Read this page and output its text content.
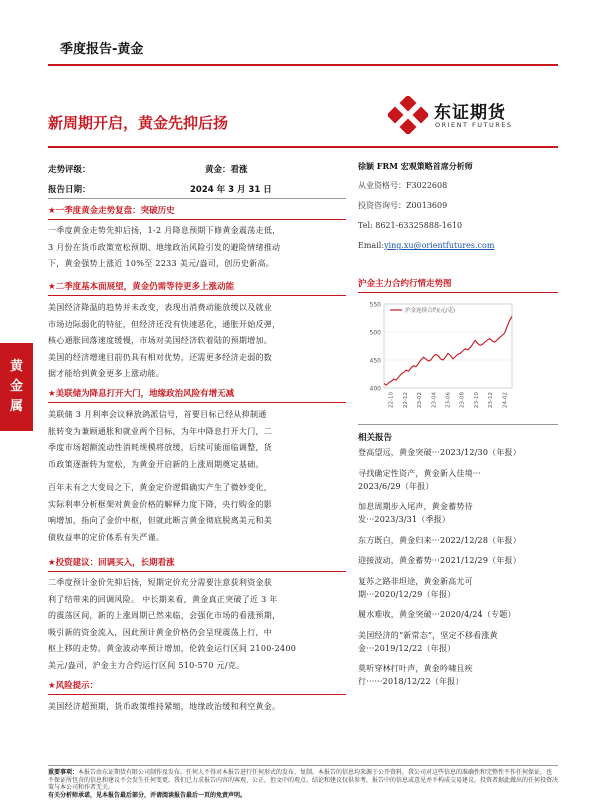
季度报告-黄金
新周期开启，黄金先抑后扬	东证期货
ORIENT FUTURES
走势评级：	黄金：看涨
报告日期：	2024 年 3 月 31 日
★一季度黄金走势复盘：突破历史
一季度黄金走势先抑后扬，1-2 月降息预期下修黄金震荡走低，
3 月份在货币政策宽松预期、地缘政治风险引发的避险情绪推动
下，黄金强势上涨近 10%至 2233 美元/盎司，创历史新高。
★二季度基本面展望，黄金仍需等待更多上涨动能
美国经济降温的趋势并未改变，表现出消费动能放缓以及就业
市场边际弱化的特征，但经济还没有快速恶化，通胀开始反弹，
核心通胀回落速度缓慢，市场对美国经济软着陆的预期增加。
美国的经济增速目前仍具有相对优势，还需更多经济走弱的数
据才能给到黄金更多上涨动能。
★美联储为降息打开大门，地缘政治风险有增无减
美联储 3 月利率会议释放鸽派信号，首要目标已经从抑制通
胀转变为兼顾通胀和就业两个目标，为年中降息打开大门，二
季度市场超额流动性消耗规模将放缓，后续可能面临调整，货
币政策逐渐转为宽松，为黄金开启新的上涨周期奠定基础。
百年未有之大变局之下，黄金定价逻辑确实产生了微妙变化，
实际利率分析框架对黄金价格的解释力度下降，央行购金的影
响增加，指向了金价中枢，但就此断言黄金彻底脱离美元和美
债收益率的定价体系有失严谨。
★投资建议：回调买入，长期看涨
二季度预计金价先抑后扬，短期定价充分需要注意获利资金获
利了结带来的回调风险。 中长期来看，黄金真正突破了近 3 年
的震荡区间，新的上涨周期已然来临，会强化市场的看涨预期，
吸引新的资金流入，因此预计黄金价格仍会呈现震荡上行，中
枢上移的走势。黄金波动率预计增加，伦敦金运行区间 2100-2400
美元/盎司，沪金主力合约运行区间 510-570 元/克。
★风险提示：
美国经济超预期，货币政策维持紧缩，地缘政治缓和利空黄金。
黄
金
属
徐颖 FRM 宏观策略首席分析师
从业资格号：F3022608
投资咨询号：Z0013609
Tel: 8621-63325888-1610
Email:ying.xu@orientfutures.com
沪金主力合约行情走势图
400
450
500
550
22-10 22-12 23-02 23-04 23-06 23-08 23-10 23-12 24-02
沪金连续合约(元/克)
相关报告
登高望远，黄金突破···2023/12/30（年报）
寻找确定性资产，黄金新入佳境···
2023/6/29（年报）
加息周期步入尾声，黄金蓄势待
发···2023/3/31（季报）
东方既白，黄金归来···2022/12/28（年报）
迎接波动，黄金蓄势···2021/12/29（年报）
复苏之路非坦途，黄金新高尤可
期···2020/12/29（年报）
履水难收，黄金突破···2020/4/24（专题）
美国经济的“新常态”，坚定不移看涨黄
金···2019/12/22（年报）
莫听穿林打叶声，黄金吟啸且疾
行······2018/12/22（年报）
重要事项：本报告由东证期货有限公司制作及发布。任何人不得对本报告进行任何形式的发布、复制。本报告的信息均来源于公开资料，我公司对这些信息的准确性和完整性不作任何保证，也不保证所包含的信息和建议不会发生任何变更。我们已力求报告内容的客观、公正，但文中的观点、结论和建议仅供参考，报告中的信息或意见并不构成交易建议，投资者据此做出的任何投资决策与本公司和作者无关。
有关分析师承诺，见本报告最后部分，并请阅读报告最后一页的免责声明。
